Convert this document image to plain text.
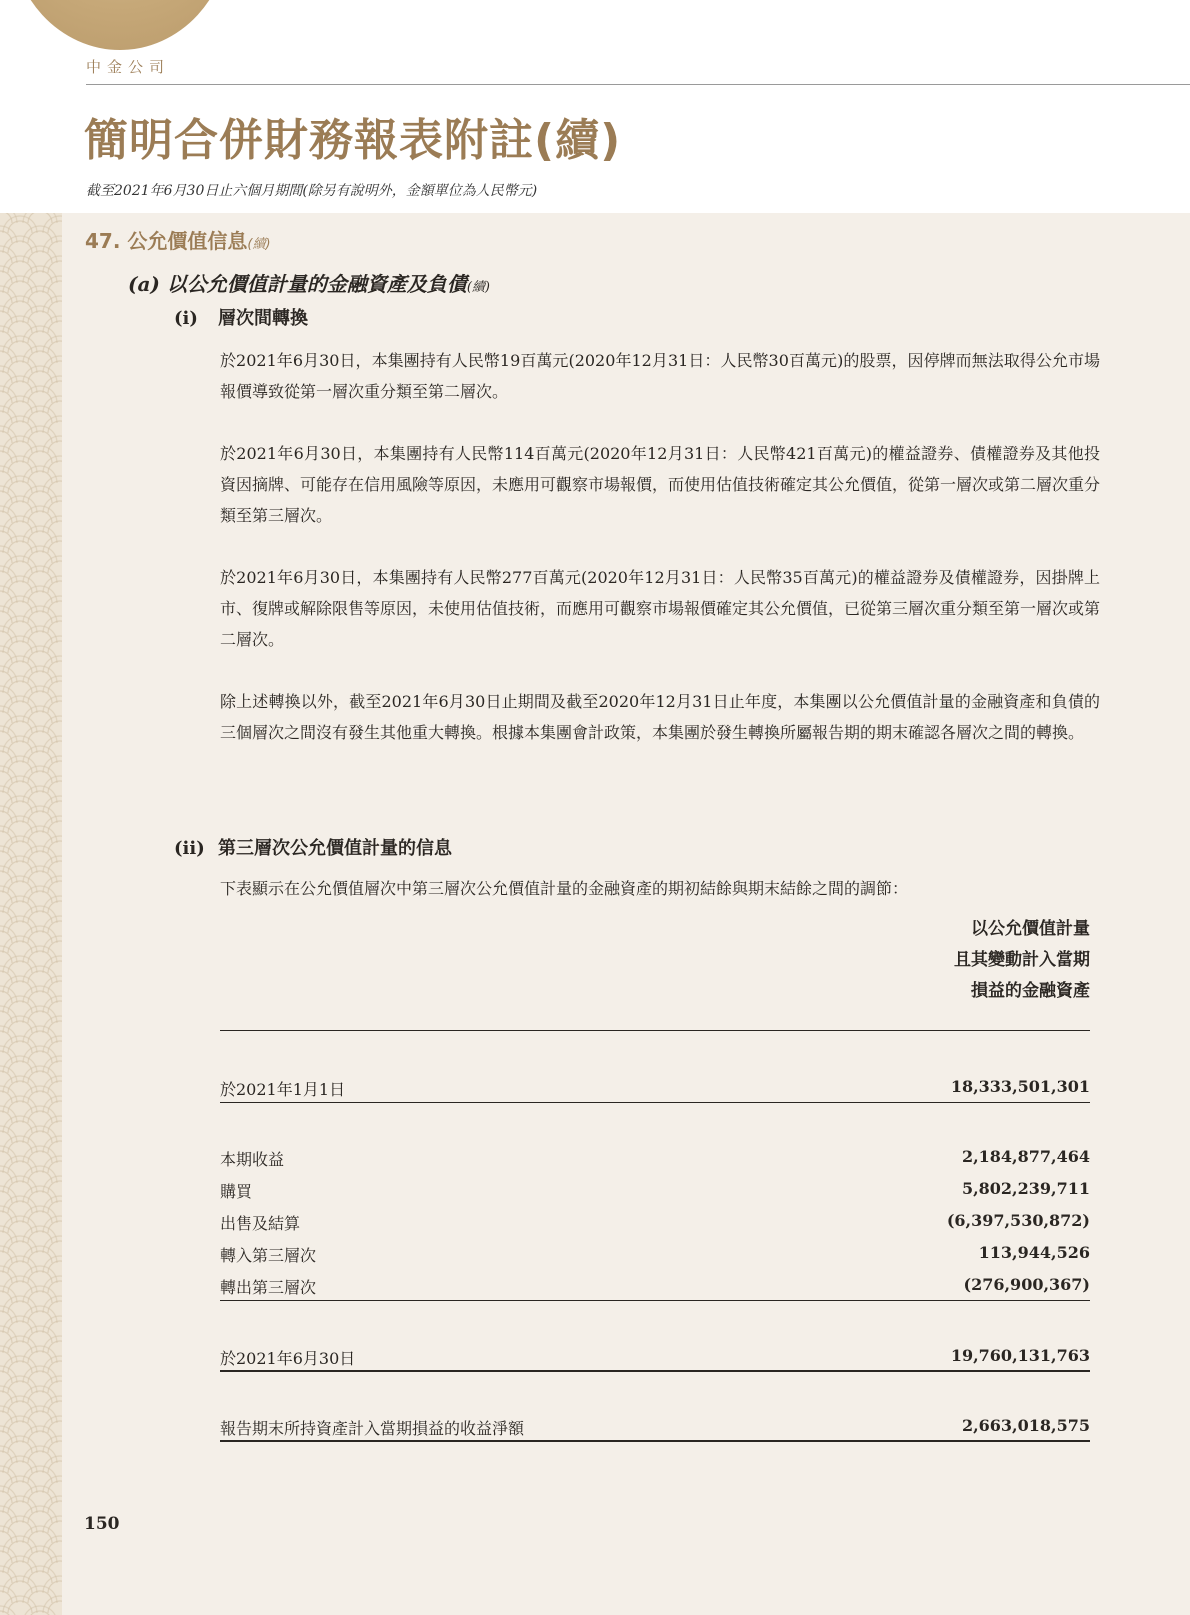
中金公司
簡明合併財務報表附註(續)
截至2021年6月30日止六個月期間(除另有說明外，金額單位為人民幣元)
47. 公允價值信息(續)
(a) 以公允價值計量的金融資產及負債(續)
(i) 層次間轉換
於2021年6月30日，本集團持有人民幣19百萬元(2020年12月31日：人民幣30百萬元)的股票，因停牌而無法取得公允市場報價導致從第一層次重分類至第二層次。
於2021年6月30日，本集團持有人民幣114百萬元(2020年12月31日：人民幣421百萬元)的權益證券、債權證券及其他投資因摘牌、可能存在信用風險等原因，未應用可觀察市場報價，而使用估值技術確定其公允價值，從第一層次或第二層次重分類至第三層次。
於2021年6月30日，本集團持有人民幣277百萬元(2020年12月31日：人民幣35百萬元)的權益證券及債權證券，因掛牌上市、復牌或解除限售等原因，未使用估值技術，而應用可觀察市場報價確定其公允價值，已從第三層次重分類至第一層次或第二層次。
除上述轉換以外，截至2021年6月30日止期間及截至2020年12月31日止年度，本集團以公允價值計量的金融資產和負債的三個層次之間沒有發生其他重大轉換。根據本集團會計政策，本集團於發生轉換所屬報告期的期末確認各層次之間的轉換。
(ii) 第三層次公允價值計量的信息
下表顯示在公允價值層次中第三層次公允價值計量的金融資產的期初結餘與期末結餘之間的調節：
以公允價值計量
且其變動計入當期
損益的金融資產
於2021年1月1日	18,333,501,301
本期收益	2,184,877,464
購買	5,802,239,711
出售及結算	(6,397,530,872)
轉入第三層次	113,944,526
轉出第三層次	(276,900,367)
於2021年6月30日	19,760,131,763
報告期末所持資產計入當期損益的收益淨額	2,663,018,575
150
